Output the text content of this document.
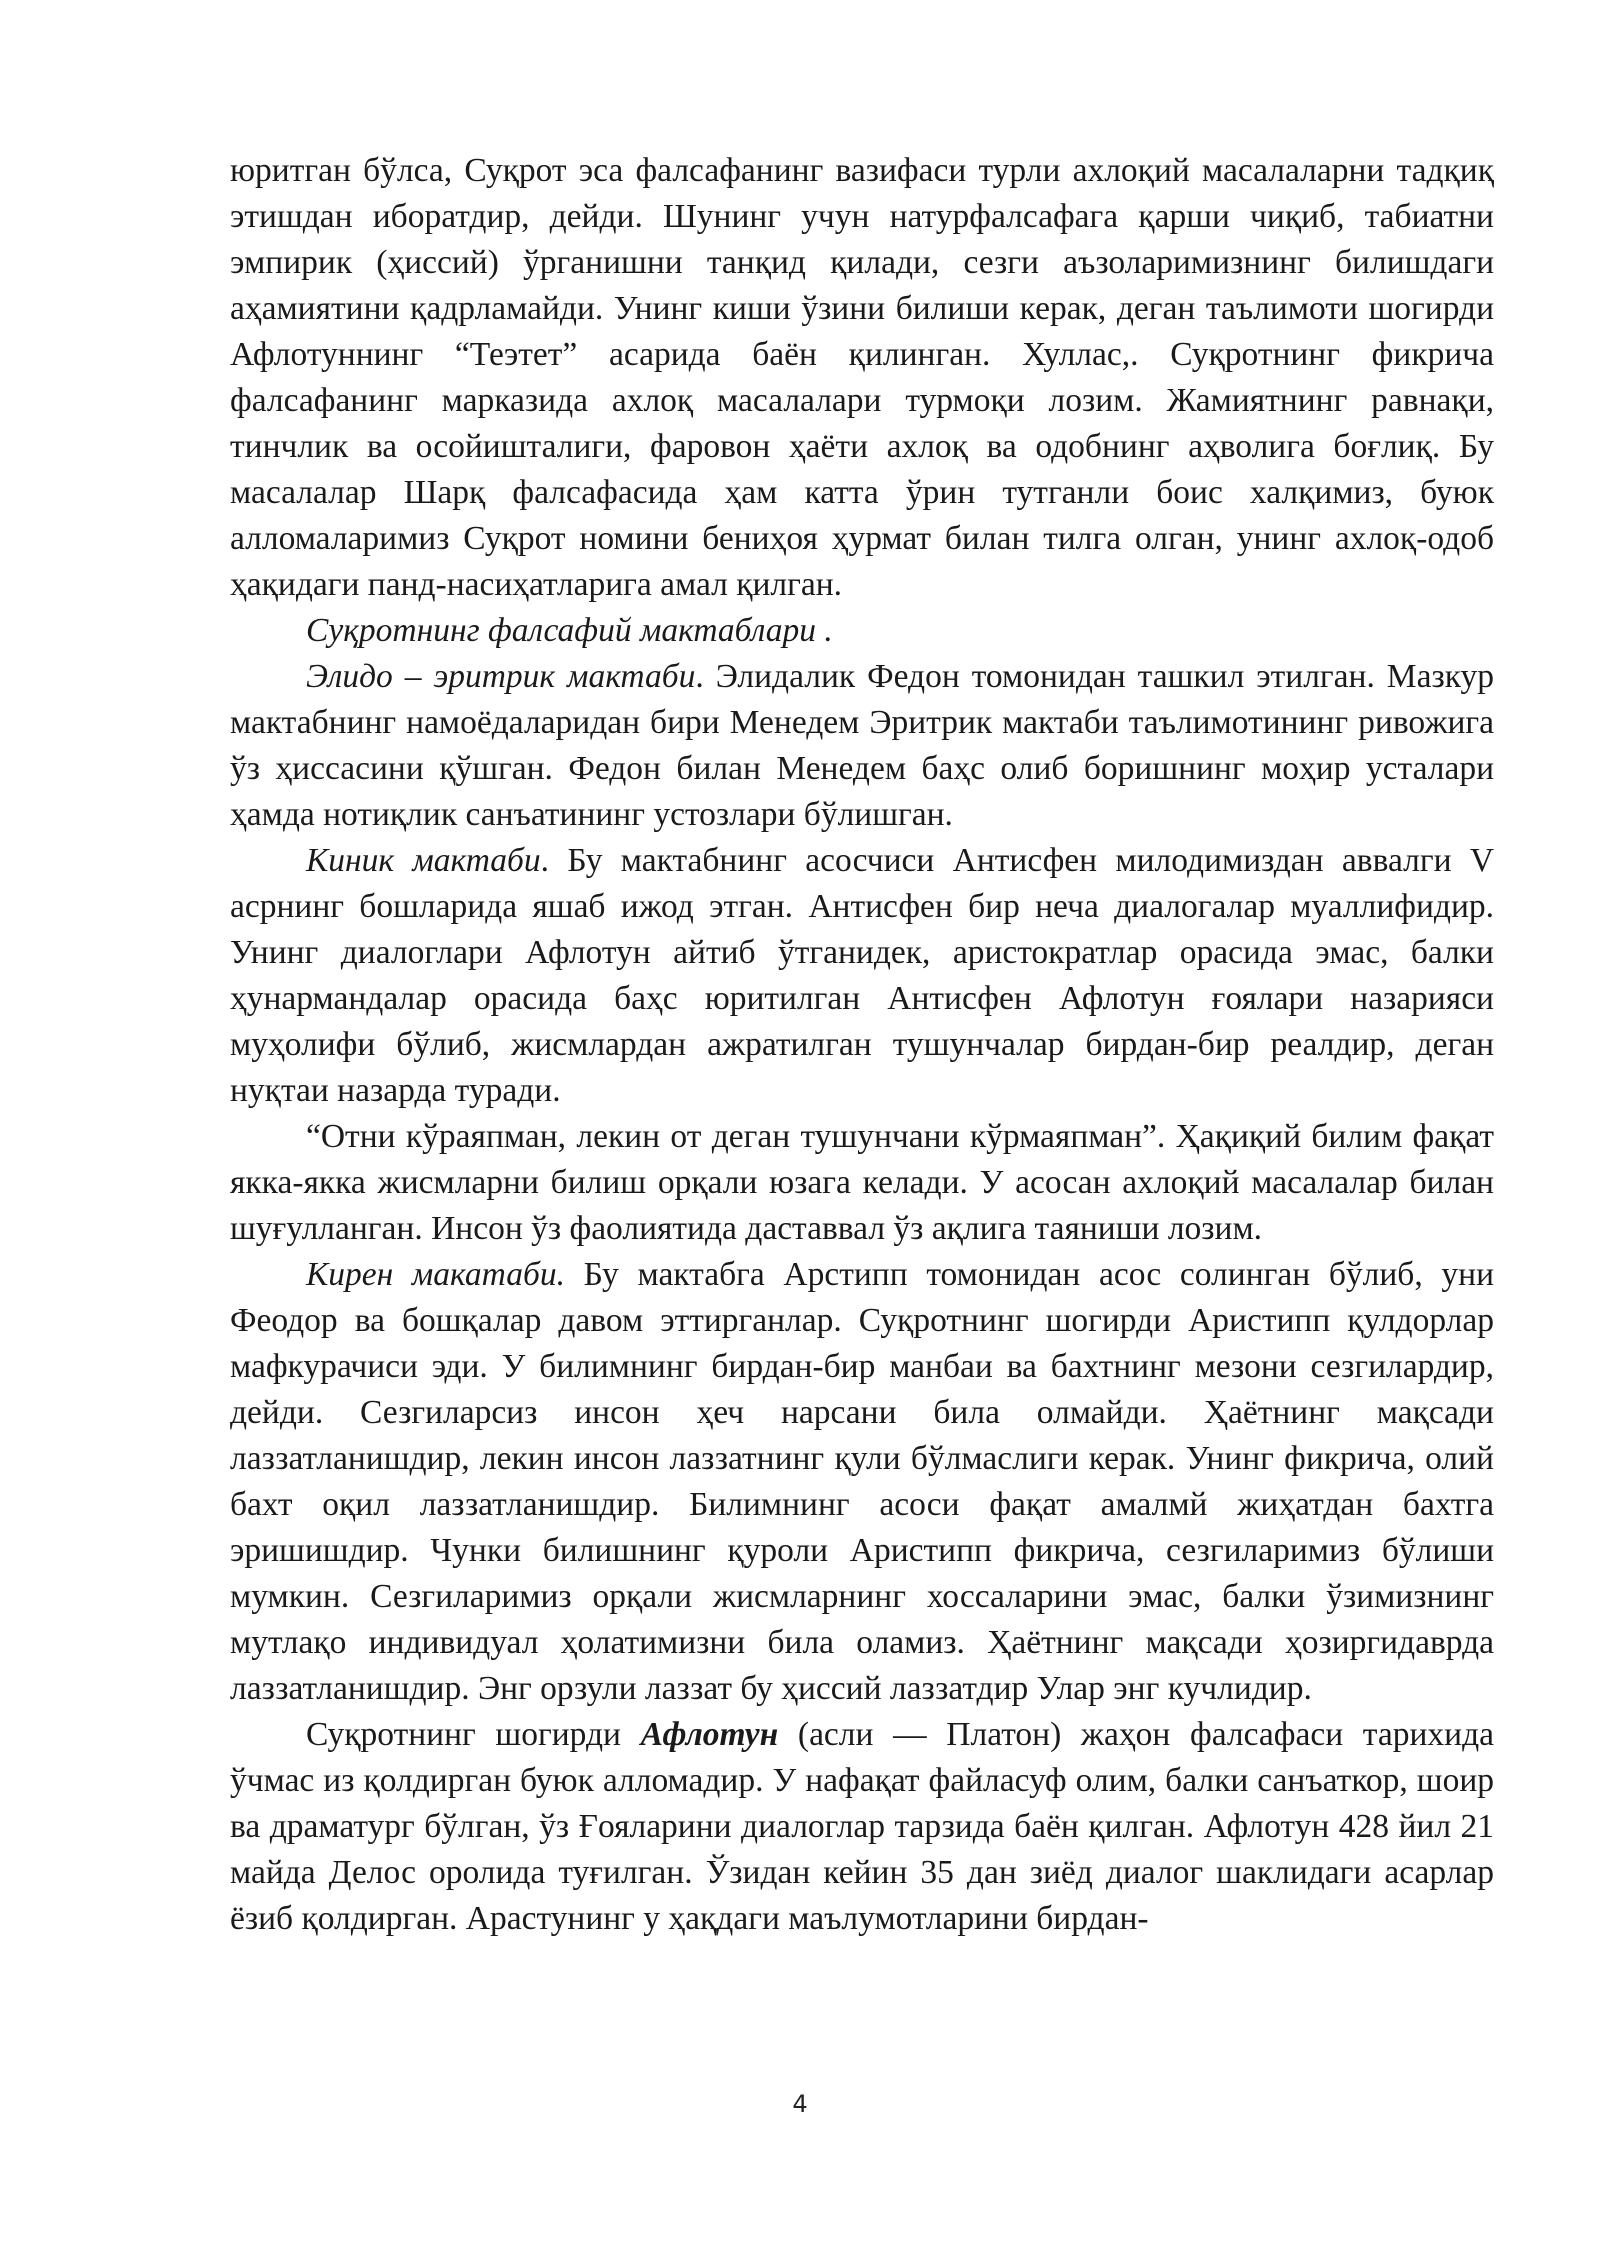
юритган бўлса, Суқрот эса фалсафанинг вазифаси турли ахлоқий масалаларни тадқиқ этишдан иборатдир, дейди. Шунинг учун натурфалсафага қарши чиқиб, табиатни эмпирик (ҳиссий) ўрганишни танқид қилади, сезги аъзоларимизнинг билишдаги аҳамиятини қадрламайди. Унинг киши ўзини билиши керак, деган таълимоти шогирди Афлотуннинг “Теэтет” асарида баён қилинган. Хуллас,. Суқротнинг фикрича фалсафанинг марказида ахлоқ масалалари турмоқи лозим. Жамиятнинг равнақи, тинчлик ва осойишталиги, фаровон ҳаёти ахлоқ ва одобнинг аҳволига боғлиқ. Бу масалалар Шарқ фалсафасида ҳам катта ўрин тутганли боис халқимиз, буюк алломаларимиз Суқрот номини бениҳоя ҳурмат билан тилга олган, унинг ахлоқ-одоб ҳақидаги панд-насиҳатларига амал қилган.

Суқротнинг фалсафий мактаблари .

Элидо – эритрик мактаби. Элидалик Федон томонидан ташкил этилган. Мазкур мактабнинг намоёдаларидан бири Менедем Эритрик мактаби таълимотининг ривожига ўз ҳиссасини қўшган. Федон билан Менедем баҳс олиб боришнинг моҳир усталари ҳамда нотиқлик санъатининг устозлари бўлишган.

Киник мактаби. Бу мактабнинг асосчиси Антисфен милодимиздан аввалги V асрнинг бошларида яшаб ижод этган. Антисфен бир неча диалогалар муаллифидир. Унинг диалоглари Афлотун айтиб ўтганидек, аристократлар орасида эмас, балки ҳунармандалар орасида баҳс юритилган Антисфен Афлотун ғоялари назарияси муҳолифи бўлиб, жисмлардан ажратилган тушунчалар бирдан-бир реалдир, деган нуқтаи назарда туради.

“Отни кўраяпман, лекин от деган тушунчани кўрмаяпман”. Ҳақиқий билим фақат якка-якка жисмларни билиш орқали юзага келади. У асосан ахлоқий масалалар билан шуғулланган. Инсон ўз фаолиятида даставвал ўз ақлига таяниши лозим.

Кирен макатаби. Бу мактабга Арстипп томонидан асос солинган бўлиб, уни Феодор ва бошқалар давом эттирганлар. Суқротнинг шогирди Аристипп қулдорлар мафкурачиси эди. У билимнинг бирдан-бир манбаи ва бахтнинг мезони сезгилардир, дейди. Сезгиларсиз инсон ҳеч нарсани била олмайди. Ҳаётнинг мақсади лаззатланишдир, лекин инсон лаззатнинг қули бўлмаслиги керак. Унинг фикрича, олий бахт оқил лаззатланишдир. Билимнинг асоси фақат амалмй жиҳатдан бахтга эришишдир. Чунки билишнинг қуроли Аристипп фикрича, сезгиларимиз бўлиши мумкин. Сезгиларимиз орқали жисмларнинг хоссаларини эмас, балки ўзимизнинг мутлақо индивидуал ҳолатимизни била оламиз. Ҳаётнинг мақсади ҳозиргидаврда лаззатланишдир. Энг орзули лаззат бу ҳиссий лаззатдир Улар энг кучлидир.

Суқротнинг шогирди Афлотун (асли — Платон) жаҳон фалсафаси тарихида ўчмас из қолдирган буюк алломадир. У нафақат файласуф олим, балки санъаткор, шоир ва драматург бўлган, ўз Ғояларини диалоглар тарзида баён қилган. Афлотун 428 йил 21 майда Делос оролида туғилган. Ўзидан кейин 35 дан зиёд диалог шаклидаги асарлар ёзиб қолдирган. Арастунинг у ҳақдаги маълумотларини бирдан-

4
